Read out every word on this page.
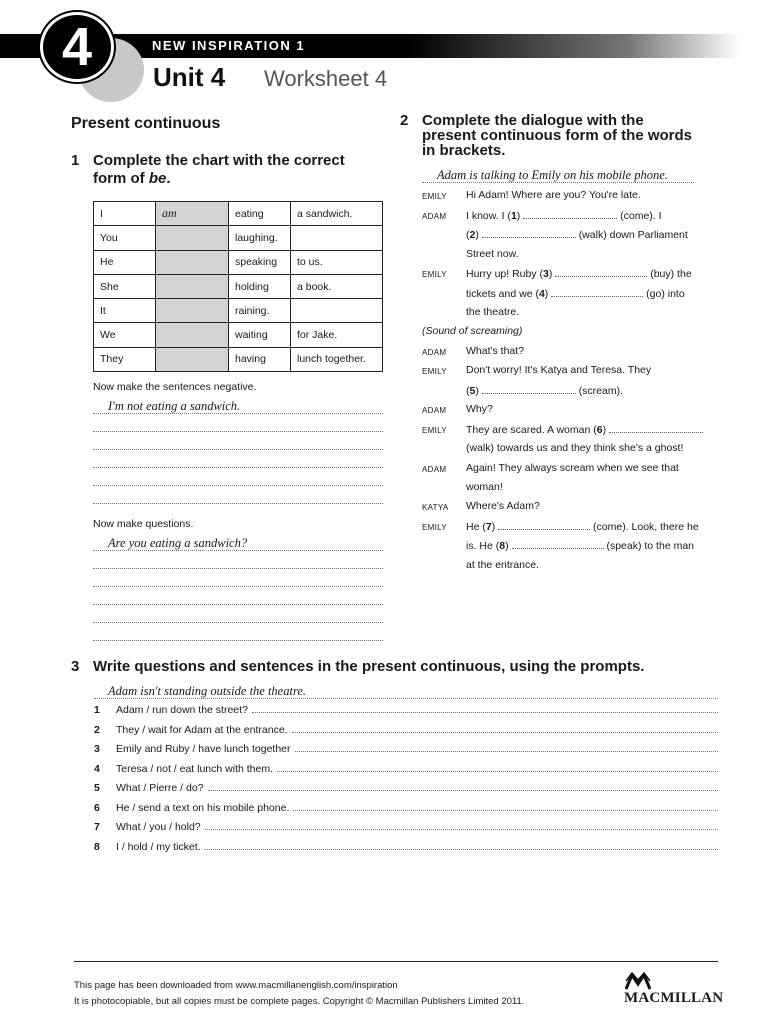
NEW INSPIRATION 1
4	Unit 4 Worksheet 4
Present continuous
1 Complete the chart with the correct form of be.
I	am	eating	a sandwich.
You		laughing.	
He		speaking	to us.
She		holding	a book.
It		raining.	
We		waiting	for Jake.
They		having	lunch together.
Now make the sentences negative.
I'm not eating a sandwich.
Now make questions.
Are you eating a sandwich?
2 Complete the dialogue with the present continuous form of the words in brackets.
Adam is talking to Emily on his mobile phone.
EMILY Hi Adam! Where are you? You're late.
ADAM I know. I (1)	(come). I
(2)	(walk) down Parliament
Street now.
EMILY Hurry up! Ruby (3)	(buy) the
tickets and we (4)	(go) into
the theatre.
(Sound of screaming)
ADAM What's that?
EMILY Don't worry! It's Katya and Teresa. They
(5)	(scream).
ADAM Why?
EMILY They are scared. A woman (6)
(walk) towards us and they think she's a ghost!
ADAM Again! They always scream when we see that
woman!
KATYA Where's Adam?
EMILY He (7)	(come). Look, there he
is. He (8)	(speak) to the man
at the entrance.
3 Write questions and sentences in the present continuous, using the prompts.
Adam isn't standing outside the theatre.
1	Adam / run down the street?
2	They / wait for Adam at the entrance.
3	Emily and Ruby / have lunch together
4	Teresa / not / eat lunch with them.
5	What / Pierre / do?
6	He / send a text on his mobile phone.
7	What / you / hold?
8	I / hold / my ticket.
This page has been downloaded from www.macmillanenglish.com/inspiration
It is photocopiable, but all copies must be complete pages. Copyright © Macmillan Publishers Limited 2011.	MACMILLAN
